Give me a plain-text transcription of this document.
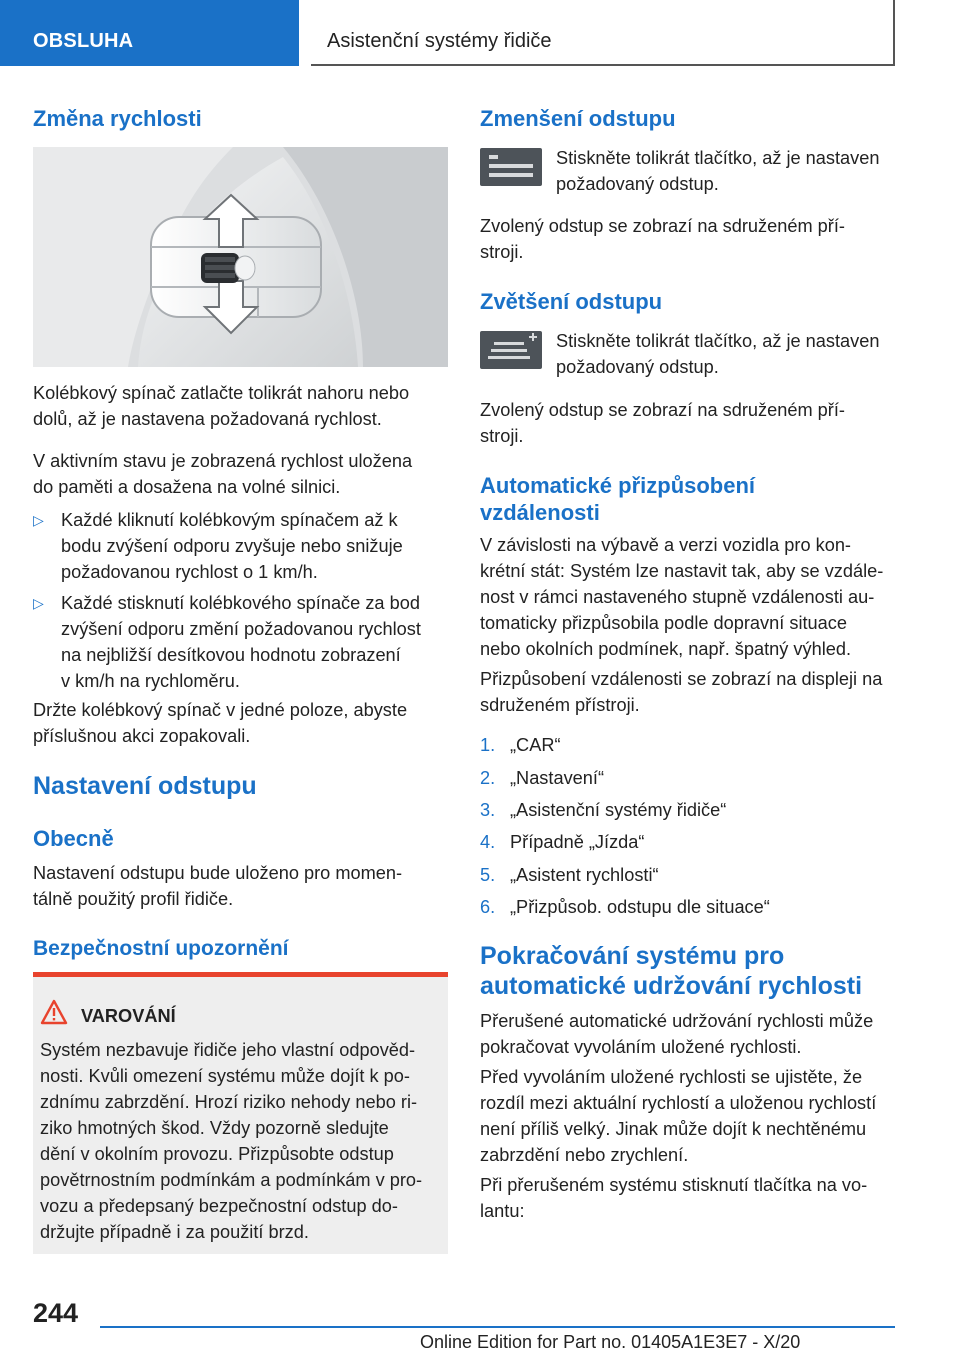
OBSLUHA	Asistenční systémy řidiče
Změna rychlosti
Kolébkový spínač zatlačte tolikrát nahoru nebo
dolů, až je nastavena požadovaná rychlost.
V aktivním stavu je zobrazená rychlost uložena
do paměti a dosažena na volné silnici.
▷ Každé kliknutí kolébkovým spínačem až k
bodu zvýšení odporu zvyšuje nebo snižuje
požadovanou rychlost o 1 km/h.
▷ Každé stisknutí kolébkového spínače za bod
zvýšení odporu změní požadovanou rychlost
na nejbližší desítkovou hodnotu zobrazení
v km/h na rychloměru.
Držte kolébkový spínač v jedné poloze, abyste
příslušnou akci zopakovali.
Nastavení odstupu
Obecně
Nastavení odstupu bude uloženo pro momen-
tálně použitý profil řidiče.
Bezpečnostní upozornění
VAROVÁNÍ
Systém nezbavuje řidiče jeho vlastní odpověd-
nosti. Kvůli omezení systému může dojít k po-
zdnímu zabrzdění. Hrozí riziko nehody nebo ri-
ziko hmotných škod. Vždy pozorně sledujte
dění v okolním provozu. Přizpůsobte odstup
povětrnostním podmínkám a podmínkám v pro-
vozu a předepsaný bezpečnostní odstup do-
držujte případně i za použití brzd.
Zmenšení odstupu
Stiskněte tolikrát tlačítko, až je nastaven
požadovaný odstup.
Zvolený odstup se zobrazí na sdruženém pří-
stroji.
Zvětšení odstupu
Stiskněte tolikrát tlačítko, až je nastaven
požadovaný odstup.
Zvolený odstup se zobrazí na sdruženém pří-
stroji.
Automatické přizpůsobení
vzdálenosti
V závislosti na výbavě a verzi vozidla pro kon-
krétní stát: Systém lze nastavit tak, aby se vzdále-
nost v rámci nastaveného stupně vzdálenosti au-
tomaticky přizpůsobila podle dopravní situace
nebo okolních podmínek, např. špatný výhled.
Přizpůsobení vzdálenosti se zobrazí na displeji na
sdruženém přístroji.
1. „CAR“
2. „Nastavení“
3. „Asistenční systémy řidiče“
4. Případně „Jízda“
5. „Asistent rychlosti“
6. „Přizpůsob. odstupu dle situace“
Pokračování systému pro
automatické udržování rychlosti
Přerušené automatické udržování rychlosti může
pokračovat vyvoláním uložené rychlosti.
Před vyvoláním uložené rychlosti se ujistěte, že
rozdíl mezi aktuální rychlostí a uloženou rychlostí
není příliš velký. Jinak může dojít k nechtěnému
zabrzdění nebo zrychlení.
Při přerušeném systému stisknutí tlačítka na vo-
lantu:
244
Online Edition for Part no. 01405A1E3E7 - X/20
